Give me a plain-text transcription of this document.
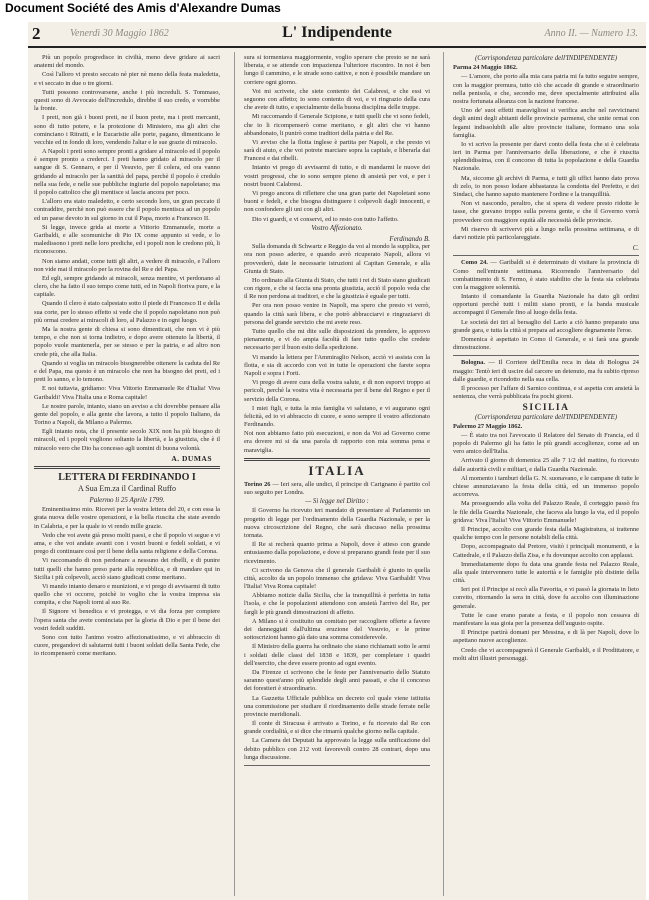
Document Société des Amis d'Alexandre Dumas
2	Venerdì 30 Maggio 1862	L' Indipendente	Anno II. — Numero 13.

Più un popolo progredisce in civiltà, meno deve gridare ai sacri anatemi del mondo.

Così l'alloro vi presto seccato nè pier nè meno della feata maledetta, e vi seccato in due o tre giorni.

Tutti possono controvarsene, anche i più increduli. S. Tommaso, questi sono di Avvocato dell'incredulo, direbbe il suo credo, e vorrebbe la fronte.

I preti, non già i buoni preti, ne il buon prete, ma i preti mercanti, sono di tutto potere, e la protezione di Ministero, ma gli altri che cominciano i Ritratti, e le Eucaristie alle porte, pagano, dimenticano le vecchie ed in fondo di loro, vendendo l'altar e le sue grazie di miracolo.

A Napoli i preti sono sempre pronti a gridare al miracolo ed il popolo è sempre pronto a crederci. I preti hanno gridato al miracolo per il sangue di S. Gennaro, e per il Vesuvio, per il colera, ed ora vanno gridando al miracolo per la santità del papa, perchè il popolo è credulo nella sua fede, e nelle sue pubbliche ingiurie del popolo napoletano; ma il popolo cattolico che gli mentisce si lascia ancora per poco.

L'alloro era stato maledetto, e certo secondo loro, un gran peccato il contraddire, perchè non può essere che il popolo mentisca ad un popolo ed un paese devoto in sul giorno in cui il Papa, morto a Francesco II.

Si legge, invece grida ai morte a Vittorio Emmanuele, morte a Garibaldi, e alle scomuniche di Pio IX come appunto si vede, e lo maledissono i preti nelle loro prediche, ed i popoli non le credono più, li riconoscono.

Non siamo andati, come tutti gli altri, a vedere di miracolo, e l'alloro non vide mai il miracolo per la rovina del Re e del Papa.

Ed egli, sempre gridando ai miracoli, senza mentire, vi perdonano al clero, che ha fatto il suo tempo come tutti, ed in Napoli fioriva pure, e la capitale.

Quando il clero è stato calpestato sotto il piede di Francesco II e della sua corte, per lo stesso effetto si vede che il popolo napoletano non può più ormai credere ai miracoli di loro, al Palazzo e in ogni luogo.

Ma la nostra gente di chiesa si sono dimenticati, che non vi è più tempo, e che non si torna indietro, e dopo avere ottenuto la libertà, il popolo vuole mantenerla, per se stesso e per la patria, e ad altro non crede più, che alla Italia.

Quando si voglia un miracolo bisognerebbe ottenere la caduta del Re e del Papa, ma questo è un miracolo che non ha bisogno dei preti, ed i preti lo sanno, e lo temono.

E noi tuttavia, gridiamo: Viva Vittorio Emmanuele Re d'Italia! Viva Garibaldi! Viva l'Italia una e Roma capitale!

Le nostre parole, intanto, siano un avviso a chi dovrebbe pensare alla gente del popolo, e alla gente che lavora, a tutto il popolo Italiano, da Torino a Napoli, da Milano a Palermo.

Egli intanto nota, che il presente secolo XIX non ha più bisogno di miracoli, ed i popoli vogliono soltanto la libertà, e la giustizia, che è il miracolo vero che Dio ha concesso agli uomini di buona volontà.

A. DUMAS
LETTERA DI FERDINANDO I
A Sua Em.za il Cardinal Ruffo
Palermo li 25 Aprile 1799.

Eminentissimo mio. Ricevei per la vostra lettera del 20, e con essa la grata nuova delle vostre operazioni, e la bella riuscita che state avendo in Calabria, e per la quale io vi rendo mille grazie.

Vedo che voi avete già preso molti paesi, e che il popolo vi segue e vi ama, e che voi andate avanti con i vostri buoni e fedeli soldati, e vi prego di continuare così per il bene della santa religione e della Corona.

Vi raccomando di non perdonare a nessuno dei ribelli, e di punire tutti quelli che hanno preso parte alla repubblica, e di mandare qui in Sicilia i più colpevoli, acciò siano giudicati come meritano.

Vi mando intanto denaro e munizioni, e vi prego di avvisarmi di tutto quello che vi occorre, poichè io voglio che la vostra impresa sia compita, e che Napoli torni al suo Re.

Il Signore vi benedica e vi protegga, e vi dia forza per compiere l'opera santa che avete cominciata per la gloria di Dio e per il bene dei vostri fedeli sudditi.

Sono con tutto l'animo vostro affezionatissimo, e vi abbraccio di cuore, pregandovi di salutarmi tutti i buoni soldati della Santa Fede, che io ricompenserò come meritano.

sura si tormentava maggiormente, voglio sperare che presto se ne sarà liberata, e se attende con impazienza l'ulteriore riscontro. In noi è ben lungo il cammino, e le strade sono cattive, e non è possibile mandare un corriere ogni giorno.

Voi mi scrivete, che siete contento dei Calabresi, e che essi vi seguono con affetto; io sono contento di voi, e vi ringrazio della cura che avete di tutto, e specialmente della buona disciplina delle truppe.

Mi raccomando il Generale Scipione, e tutti quelli che vi sono fedeli, che io li ricompenserò come meritano, e gli altri che vi hanno abbandonato, li punirò come traditori della patria e del Re.

Vi avviso che la flotta inglese è partita per Napoli, e che presto vi sarà di aiuto, e che voi potrete marciare sopra la capitale, e liberarla dai Francesi e dai ribelli.

Intanto vi prego di avvisarmi di tutto, e di mandarmi le nuove dei vostri progressi, che io sono sempre pieno di ansietà per voi, e per i nostri buoni Calabresi.

Vi prego ancora di riflettere che una gran parte dei Napoletani sono buoni e fedeli, e che bisogna distinguere i colpevoli dagli innocenti, e non confondere gli uni con gli altri.

Dio vi guardi, e vi conservi, ed io resto con tutto l'affetto.

Vostro Affezionato.
Ferdinando B.

Sulla domanda di Schwartz e Reggio da voi al mondo la supplica, per ora non posso aderire, e quando avrò ricuperato Napoli, allora vi provvederò, date le necessarie istruzioni al Capitan Generale, e alla Giunta di Stato.

Ho ordinato alla Giunta di Stato, che tutti i rei di Stato siano giudicati con rigore, e che si faccia una pronta giustizia, acciò il popolo veda che il Re non perdona ai traditori, e che la giustizia è eguale per tutti.

Per ora non posso venire in Napoli, ma spero che presto vi verrò, quando la città sarà libera, e che potrò abbracciarvi e ringraziarvi di persona del grande servizio che mi avete reso.

Tutto quello che mi dite sulle disposizioni da prendere, lo approvo pienamente, e vi do ampia facoltà di fare tutto quello che credete necessario per il buon esito della spedizione.

Vi mando la lettera per l'Ammiraglio Nelson, acciò vi assista con la flotta, e sia di accordo con voi in tutte le operazioni che farete sopra Napoli e sopra i Forti.

Vi prego di avere cura della vostra salute, e di non esporvi troppo ai pericoli, perchè la vostra vita è necessaria per il bene del Regno e per il servizio della Corona.

I miei figli, e tutta la mia famiglia vi salutano, e vi augurano ogni felicità, ed io vi abbraccio di cuore, e sono sempre il vostro affezionato Ferdinando.

Noi non abbiamo fatto più esecuzioni, e non da Voi ad Governo come era dovere mi si da una parola di rapporto con mia somma pena e maraviglia.

ITALIA

Torino 26 — Ieri sera, alle undici, il principe di Carignano è partito col suo seguito per Londra.

— Si legge nel Diritto :

Il Governo ha ricevuto ieri mandato di presentare al Parlamento un progetto di legge per l'ordinamento della Guardia Nazionale, e per la nuova circoscrizione del Regno, che sarà discusso nella prossima tornata.

Il Re si recherà quanto prima a Napoli, dove è atteso con grande entusiasmo dalla popolazione, e dove si preparano grandi feste per il suo ricevimento.

Ci scrivono da Genova che il generale Garibaldi è giunto in quella città, accolto da un popolo immenso che gridava: Viva Garibaldi! Viva l'Italia! Viva Roma capitale!

Abbiamo notizie dalla Sicilia, che la tranquillità è perfetta in tutta l'isola, e che le popolazioni attendono con ansietà l'arrivo del Re, per fargli le più grandi dimostrazioni di affetto.

A Milano si è costituito un comitato per raccogliere offerte a favore dei danneggiati dall'ultima eruzione del Vesuvio, e le prime sottoscrizioni hanno già dato una somma considerevole.

Il Ministro della guerra ha ordinato che siano richiamati sotto le armi i soldati delle classi del 1838 e 1839, per completare i quadri dell'esercito, che deve essere pronto ad ogni evento.

Da Firenze ci scrivono che le feste per l'anniversario dello Statuto saranno quest'anno più splendide degli anni passati, e che il concorso dei forestieri è straordinario.

La Gazzetta Ufficiale pubblica un decreto col quale viene istituita una commissione per studiare il riordinamento delle strade ferrate nelle provincie meridionali.

Il conte di Siracusa è arrivato a Torino, e fu ricevuto dal Re con grande cordialità, e si dice che rimarrà qualche giorno nella capitale.

La Camera dei Deputati ha approvato la legge sulla unificazione del debito pubblico con 212 voti favorevoli contro 28 contrari, dopo una lunga discussione.

(Corrispondenza particolare dell'INDIPENDENTE)

Parma 24 Maggio 1862.

— L'amore, che porto alla mia cara patria mi fa tutto seguire sempre, con la maggior premura, tutto ciò che accade di grande e straordinario nella penisola, e che, secondo me, deve specialmente attribuirsi alla nostra fortunata alleanza con la nazione francese.

Uno de' suoi effetti maravigliosi si verifica anche nel ravvicinarsi degli animi degli abitanti delle provincie parmensi, che unite ormai con legami indissolubili alle altre provincie italiane, formano una sola famiglia.

Io vi scrivo la presente per darvi conto della festa che si è celebrata ieri in Parma per l'anniversario della liberazione, e che è riuscita splendidissima, con il concorso di tutta la popolazione e della Guardia Nazionale.

Ma, siccome gli archivi di Parma, e tutti gli uffici hanno dato prova di zelo, io non posso lodare abbastanza la condotta del Prefetto, e dei Sindaci, che hanno saputo mantenere l'ordine e la tranquillità.

Non vi nascondo, peraltro, che si spera di vedere presto ridotte le tasse, che gravano troppo sulla povera gente, e che il Governo vorrà provvedere con maggiore equità alle necessità delle provincie.

Mi riservo di scrivervi più a lungo nella prossima settimana, e di darvi notizie più particolareggiate.

C.

Como 24. — Garibaldi si è determinato di visitare la provincia di Como nell'entrante settimana. Ricorrendo l'anniversario del combattimento di S. Fermo, è stato stabilito che la festa sia celebrata con la maggiore solennità.

Intanto il comandante la Guardia Nazionale ha dato gli ordini opportuni perchè tutti i militi siano pronti, e la banda musicale accompagni il Generale fino al luogo della festa.

Le società dei tiri al bersaglio del Lario a ciò hanno preparato una grande gara, e tutta la città si prepara ad accogliere degnamente l'eroe.

Domenica è aspettato in Como il Generale, e si farà una grande dimostrazione.

Bologna. — Il Corriere dell'Emilia reca in data di Bologna 24 maggio: Tentò ieri di uscire dal carcere un detenuto, ma fu subito ripreso dalle guardie, e ricondotto nella sua cella.

Il processo per l'affare di Sarnico continua, e si aspetta con ansietà la sentenza, che verrà pubblicata fra pochi giorni.

SICILIA
(Corrispondenza particolare dell'INDIPENDENTE)

Palermo 27 Maggio 1862.

— È stato tra noi l'avvocato il Relatore del Senato di Francia, ed il popolo di Palermo gli ha fatto le più grandi accoglienze, come ad un vero amico dell'Italia.

Arrivato il giorno di domenica 25 alle 7 1/2 del mattino, fu ricevuto dalle autorità civili e militari, e dalla Guardia Nazionale.

Al momento i tamburi della G. N. suonavano, e le campane di tutte le chiese annunziavano la festa della città, ed un immenso popolo accorreva.

Ma proseguendo alla volta del Palazzo Reale, il corteggio passò fra le file della Guardia Nazionale, che faceva ala lungo la via, ed il popolo gridava: Viva l'Italia! Viva Vittorio Emmanuele!

Il Principe, accolto con grande festa dalla Magistratura, si trattenne qualche tempo con le persone notabili della città.

Dopo, accompagnato dal Pretore, visitò i principali monumenti, e la Cattedrale, e il Palazzo della Zisa, e fu dovunque accolto con applausi.

Immediatamente dopo fu data una grande festa nel Palazzo Reale, alla quale intervennero tutte le autorità e le famiglie più distinte della città.

Ieri poi il Principe si recò alla Favorita, e vi passò la giornata in lieto convito, ritornando la sera in città, dove fu accolto con illuminazione generale.

Tutte le case erano parate a festa, e il popolo non cessava di manifestare la sua gioia per la presenza dell'augusto ospite.

Il Principe partirà domani per Messina, e di là per Napoli, dove lo aspettano nuove accoglienze.

Credo che vi accompagnerà il Generale Garibaldi, e il Prodittatore, e molti altri illustri personaggi.
